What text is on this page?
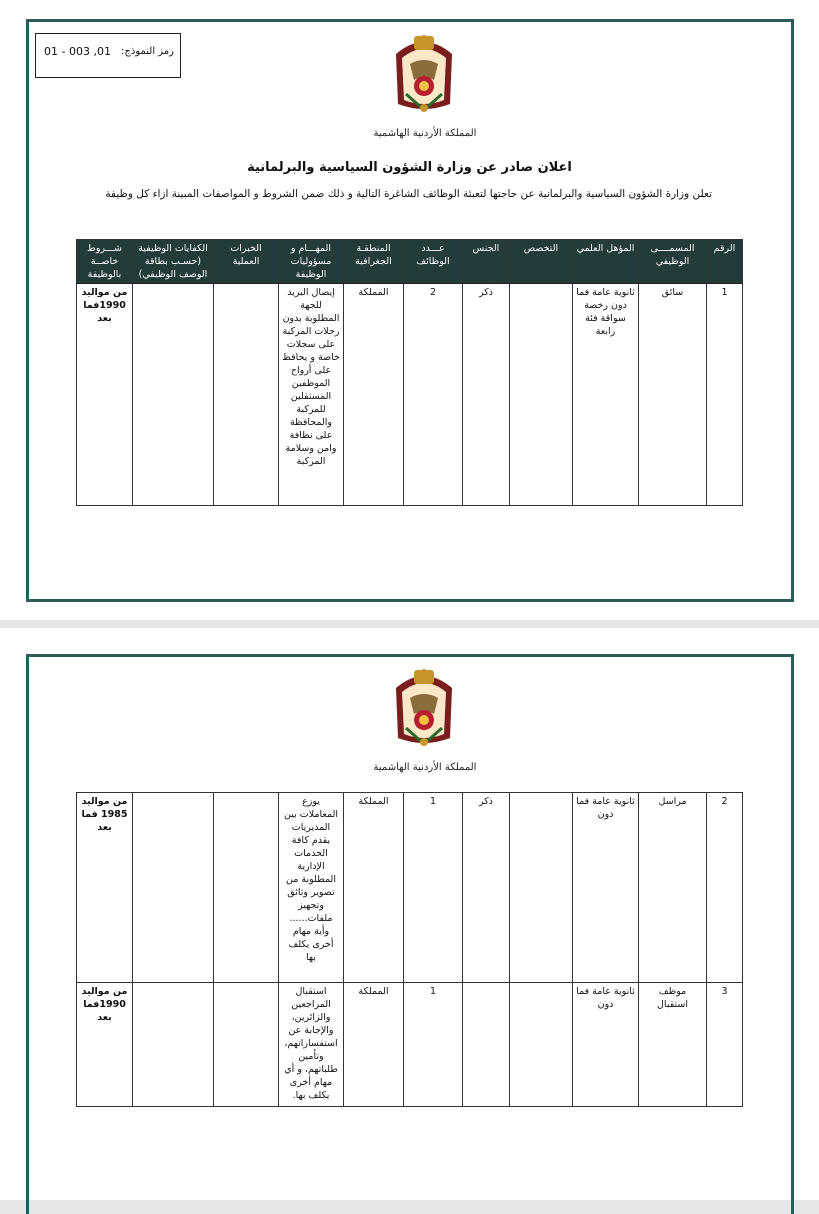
رمز النموذج:
01 - 003 ,01
المملكة الأردنية الهاشمية
اعلان صادر عن وزارة الشؤون السياسية والبرلمانية
تعلن وزارة الشؤون السياسية والبرلمانية عن حاجتها لتعبئة الوظائف الشاغرة التالية و ذلك ضمن الشروط و المواصفات المبينة ازاء كل وظيفة
الرقم	المسمــــى الوظيفي	المؤهل العلمي	التخصص	الجنس	عـــدد الوظائف	المنطقـة الجغرافية	المهـــام و مسؤوليات الوظيفة	الخبرات العملية	الكفايات الوظيفية (حسـب بطاقة الوصف الوظيفي)	شـــروط خاصــة بالوظيفة
1	سائق	ثانوية عامة فما دون رخصة سواقة فئة رابعة		ذكر	2	المملكة	إيصال البريد للجهة المطلوبة بدون رحلات المركبة على سجلات خاصة و يحافظ على أرواح الموظفين المستقلين للمركبة والمحافظة على نظافة وامن وسلامة المركبة			من مواليد 1990فما بعد
المملكة الأردنية الهاشمية
2	مراسل	ثانوية عامة فما دون		ذكر	1	المملكة	يوزع المعاملات بين المديريات يقدم كافة الخدمات الإدارية المطلوبة من تصوير وثائق وتجهيز ملفات...... وأية مهام أخرى يكلف بها			من مواليد 1985 فما بعد
3	موظف استقبال	ثانوية عامة فما دون			1	المملكة	استقبال المراجعين والزائرين، والإجابة عن استفساراتهم، وتأمين طلباتهم، و أي مهام أخرى يكلف بها.			من مواليد 1990فما بعد
